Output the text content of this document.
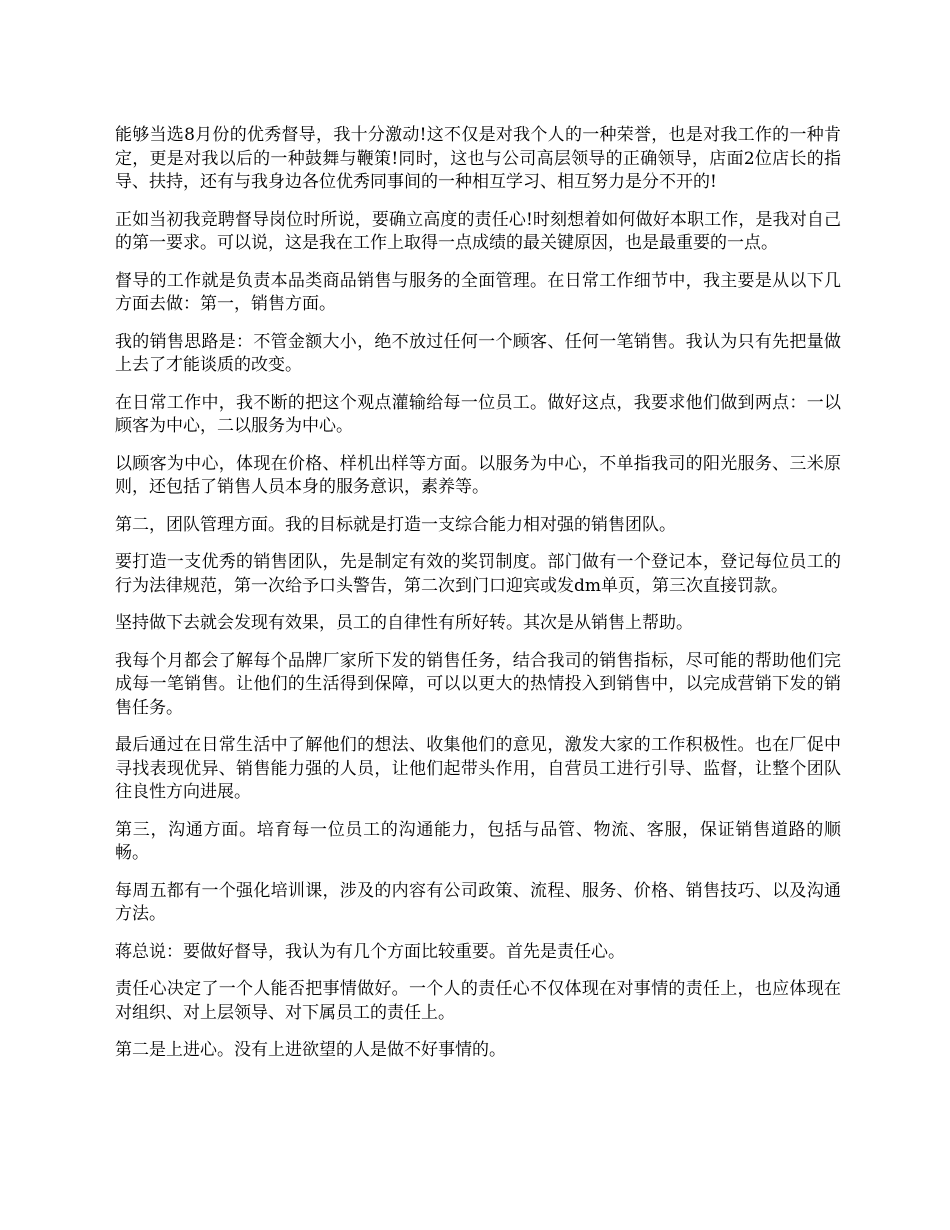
能够当选8月份的优秀督导，我十分激动!这不仅是对我个人的一种荣誉，也是对我工作的一种肯定，更是对我以后的一种鼓舞与鞭策!同时，这也与公司高层领导的正确领导，店面2位店长的指导、扶持，还有与我身边各位优秀同事间的一种相互学习、相互努力是分不开的!

正如当初我竞聘督导岗位时所说，要确立高度的责任心!时刻想着如何做好本职工作，是我对自己的第一要求。可以说，这是我在工作上取得一点成绩的最关键原因，也是最重要的一点。

督导的工作就是负责本品类商品销售与服务的全面管理。在日常工作细节中，我主要是从以下几方面去做：第一，销售方面。

我的销售思路是：不管金额大小，绝不放过任何一个顾客、任何一笔销售。我认为只有先把量做上去了才能谈质的改变。

在日常工作中，我不断的把这个观点灌输给每一位员工。做好这点，我要求他们做到两点：一以顾客为中心，二以服务为中心。

以顾客为中心，体现在价格、样机出样等方面。以服务为中心，不单指我司的阳光服务、三米原则，还包括了销售人员本身的服务意识，素养等。

第二，团队管理方面。我的目标就是打造一支综合能力相对强的销售团队。

要打造一支优秀的销售团队，先是制定有效的奖罚制度。部门做有一个登记本，登记每位员工的行为法律规范，第一次给予口头警告，第二次到门口迎宾或发dm单页，第三次直接罚款。

坚持做下去就会发现有效果，员工的自律性有所好转。其次是从销售上帮助。

我每个月都会了解每个品牌厂家所下发的销售任务，结合我司的销售指标，尽可能的帮助他们完成每一笔销售。让他们的生活得到保障，可以以更大的热情投入到销售中，以完成营销下发的销售任务。

最后通过在日常生活中了解他们的想法、收集他们的意见，激发大家的工作积极性。也在厂促中寻找表现优异、销售能力强的人员，让他们起带头作用，自营员工进行引导、监督，让整个团队往良性方向进展。

第三，沟通方面。培育每一位员工的沟通能力，包括与品管、物流、客服，保证销售道路的顺畅。

每周五都有一个强化培训课，涉及的内容有公司政策、流程、服务、价格、销售技巧、以及沟通方法。

蒋总说：要做好督导，我认为有几个方面比较重要。首先是责任心。

责任心决定了一个人能否把事情做好。一个人的责任心不仅体现在对事情的责任上，也应体现在对组织、对上层领导、对下属员工的责任上。

第二是上进心。没有上进欲望的人是做不好事情的。
